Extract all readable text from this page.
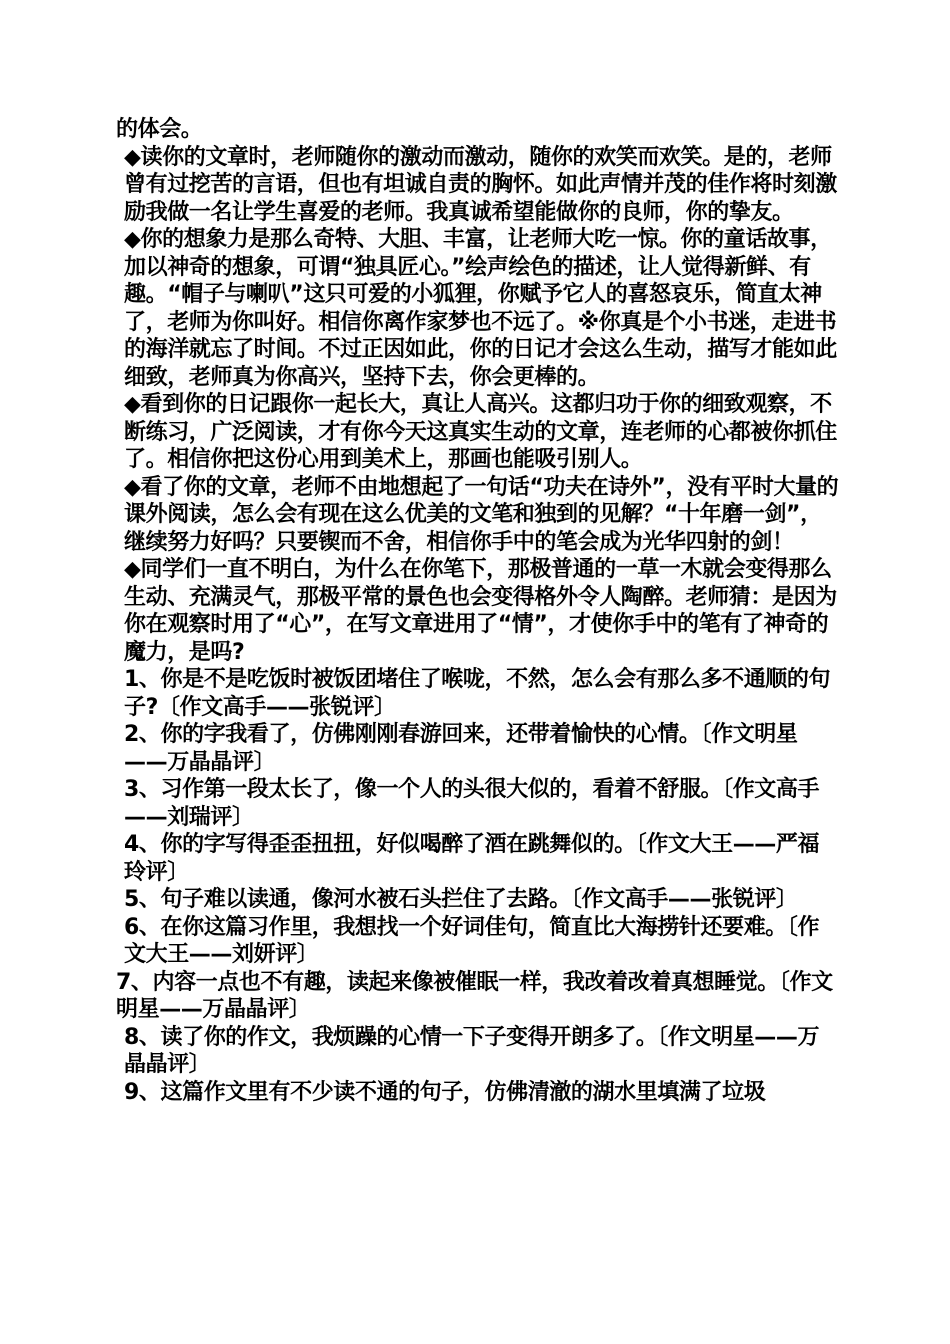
的体会。

◆读你的文章时，老师随你的激动而激动，随你的欢笑而欢笑。是的，老师曾有过挖苦的言语，但也有坦诚自责的胸怀。如此声情并茂的佳作将时刻激励我做一名让学生喜爱的老师。我真诚希望能做你的良师，你的挚友。

◆你的想象力是那么奇特、大胆、丰富，让老师大吃一惊。你的童话故事，加以神奇的想象，可谓“独具匠心。”绘声绘色的描述，让人觉得新鲜、有趣。“帽子与喇叭”这只可爱的小狐狸，你赋予它人的喜怒哀乐，简直太神了，老师为你叫好。相信你离作家梦也不远了。※你真是个小书迷，走进书的海洋就忘了时间。不过正因如此，你的日记才会这么生动，描写才能如此细致，老师真为你高兴，坚持下去，你会更棒的。

◆看到你的日记跟你一起长大，真让人高兴。这都归功于你的细致观察，不断练习，广泛阅读，才有你今天这真实生动的文章，连老师的心都被你抓住了。相信你把这份心用到美术上，那画也能吸引别人。

◆看了你的文章，老师不由地想起了一句话“功夫在诗外”，没有平时大量的课外阅读，怎么会有现在这么优美的文笔和独到的见解？“十年磨一剑”，继续努力好吗？只要锲而不舍，相信你手中的笔会成为光华四射的剑！

◆同学们一直不明白，为什么在你笔下，那极普通的一草一木就会变得那么生动、充满灵气，那极平常的景色也会变得格外令人陶醉。老师猜：是因为你在观察时用了“心”，在写文章进用了“情”，才使你手中的笔有了神奇的魔力，是吗?

1、你是不是吃饭时被饭团堵住了喉咙，不然，怎么会有那么多不通顺的句子?〔作文高手——张锐评〕

2、你的字我看了，仿佛刚刚春游回来，还带着愉快的心情。〔作文明星——万晶晶评〕

3、习作第一段太长了，像一个人的头很大似的，看着不舒服。〔作文高手——刘瑞评〕

4、你的字写得歪歪扭扭，好似喝醉了酒在跳舞似的。〔作文大王——严福玲评〕

5、句子难以读通，像河水被石头拦住了去路。〔作文高手——张锐评〕

6、在你这篇习作里，我想找一个好词佳句，简直比大海捞针还要难。〔作文大王——刘妍评〕

7、内容一点也不有趣，读起来像被催眠一样，我改着改着真想睡觉。〔作文明星——万晶晶评〕

8、读了你的作文，我烦躁的心情一下子变得开朗多了。〔作文明星——万晶晶评〕

9、这篇作文里有不少读不通的句子，仿佛清澈的湖水里填满了垃圾
